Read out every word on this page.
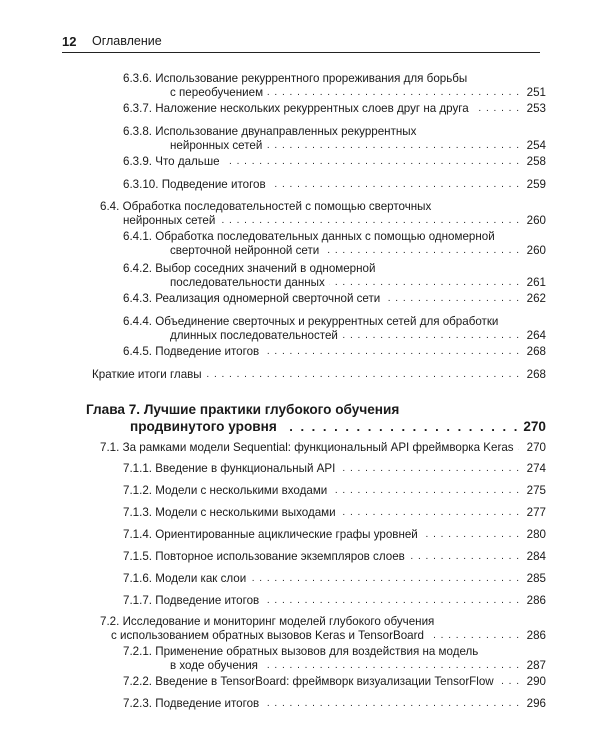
12 Оглавление
6.3.6. Использование рекуррентного прореживания для борьбы
с переобучением . . .	251
6.3.7. Наложение нескольких рекуррентных слоев друг на друга . . .	253
6.3.8. Использование двунаправленных рекуррентных
нейронных сетей . . .	254
6.3.9. Что дальше . . .	258
6.3.10. Подведение итогов . . .	259
6.4. Обработка последовательностей с помощью сверточных
нейронных сетей . . .	260
6.4.1. Обработка последовательных данных с помощью одномерной
сверточной нейронной сети . . .	260
6.4.2. Выбор соседних значений в одномерной
последовательности данных . . .	261
6.4.3. Реализация одномерной сверточной сети . . .	262
6.4.4. Объединение сверточных и рекуррентных сетей для обработки
длинных последовательностей . . .	264
6.4.5. Подведение итогов . . .	268
Краткие итоги главы . . .	268
Глава 7. Лучшие практики глубокого обучения
продвинутого уровня . . .	270
7.1. За рамками модели Sequential: функциональный API фреймворка Keras . . . 270
7.1.1. Введение в функциональный API . . .	274
7.1.2. Модели с несколькими входами . . .	275
7.1.3. Модели с несколькими выходами . . .	277
7.1.4. Ориентированные ациклические графы уровней . . .	280
7.1.5. Повторное использование экземпляров слоев . . .	284
7.1.6. Модели как слои . . .	285
7.1.7. Подведение итогов . . .	286
7.2. Исследование и мониторинг моделей глубокого обучения
с использованием обратных вызовов Keras и TensorBoard . . .	286
7.2.1. Применение обратных вызовов для воздействия на модель
в ходе обучения . . .	287
7.2.2. Введение в TensorBoard: фреймворк визуализации TensorFlow . . .	290
7.2.3. Подведение итогов . . .	296
